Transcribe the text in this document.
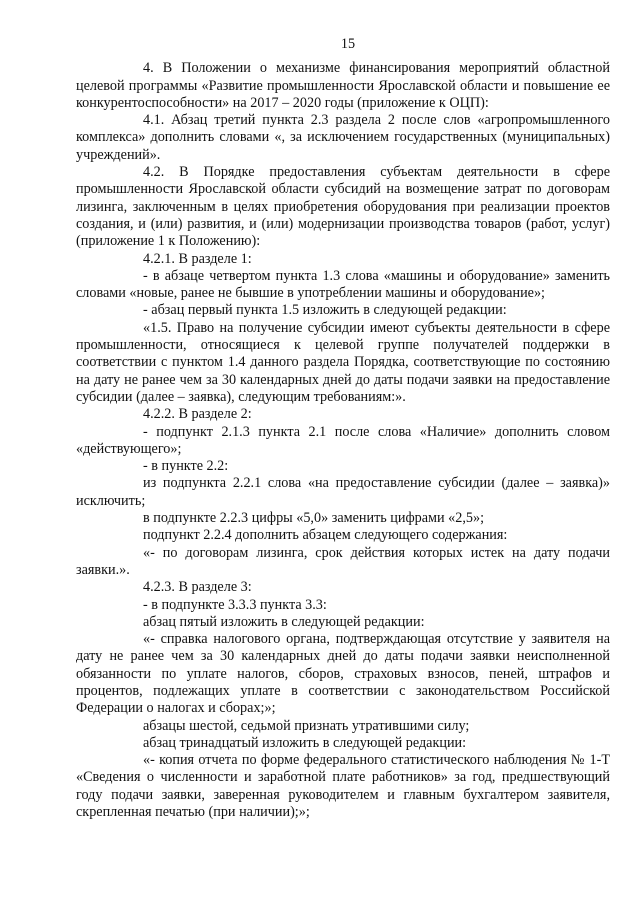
15

4. В Положении о механизме финансирования мероприятий областной целевой программы «Развитие промышленности Ярославской области и повышение ее конкурентоспособности» на 2017 – 2020 годы (приложение к ОЦП):

4.1. Абзац третий пункта 2.3 раздела 2 после слов «агропромышленного комплекса» дополнить словами «, за исключением государственных (муниципальных) учреждений».

4.2. В Порядке предоставления субъектам деятельности в сфере промышленности Ярославской области субсидий на возмещение затрат по договорам лизинга, заключенным в целях приобретения оборудования при реализации проектов создания, и (или) развития, и (или) модернизации производства товаров (работ, услуг) (приложение 1 к Положению):

4.2.1. В разделе 1:

- в абзаце четвертом пункта 1.3 слова «машины и оборудование» заменить словами «новые, ранее не бывшие в употреблении машины и оборудование»;

- абзац первый пункта 1.5 изложить в следующей редакции:

«1.5. Право на получение субсидии имеют субъекты деятельности в сфере промышленности, относящиеся к целевой группе получателей поддержки в соответствии с пунктом 1.4 данного раздела Порядка, соответствующие по состоянию на дату не ранее чем за 30 календарных дней до даты подачи заявки на предоставление субсидии (далее – заявка), следующим требованиям:».

4.2.2. В разделе 2:

- подпункт 2.1.3 пункта 2.1 после слова «Наличие» дополнить словом «действующего»;

- в пункте 2.2:

из подпункта 2.2.1 слова «на предоставление субсидии (далее – заявка)» исключить;

в подпункте 2.2.3 цифры «5,0» заменить цифрами «2,5»;

подпункт 2.2.4 дополнить абзацем следующего содержания:

«- по договорам лизинга, срок действия которых истек на дату подачи заявки.».

4.2.3. В разделе 3:

- в подпункте 3.3.3 пункта 3.3:

абзац пятый изложить в следующей редакции:

«- справка налогового органа, подтверждающая отсутствие у заявителя на дату не ранее чем за 30 календарных дней до даты подачи заявки неисполненной обязанности по уплате налогов, сборов, страховых взносов, пеней, штрафов и процентов, подлежащих уплате в соответствии с законодательством Российской Федерации о налогах и сборах;»;

абзацы шестой, седьмой признать утратившими силу;

абзац тринадцатый изложить в следующей редакции:

«- копия отчета по форме федерального статистического наблюдения № 1-Т «Сведения о численности и заработной плате работников» за год, предшествующий году подачи заявки, заверенная руководителем и главным бухгалтером заявителя, скрепленная печатью (при наличии);»;
